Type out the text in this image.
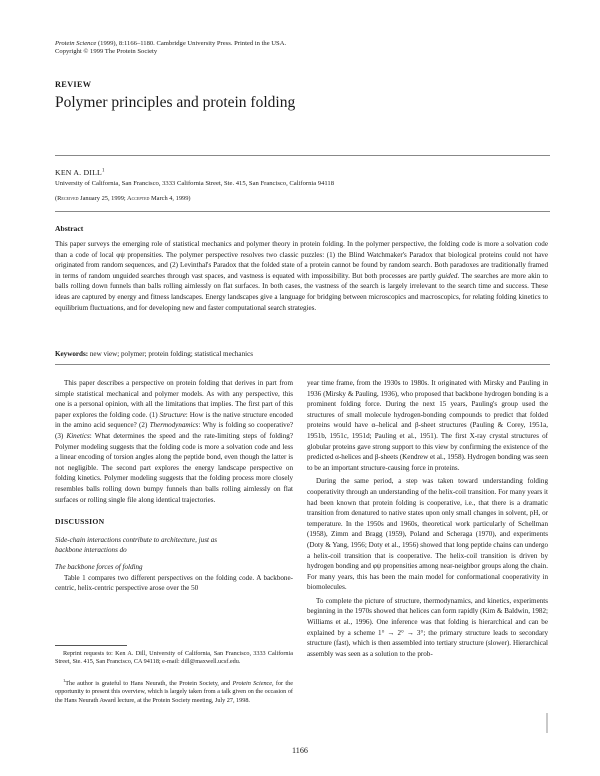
Protein Science (1999), 8:1166–1180. Cambridge University Press. Printed in the USA.
Copyright © 1999 The Protein Society
REVIEW
Polymer principles and protein folding
KEN A. DILL$^1$
University of California, San Francisco, 3333 California Street, Ste. 415, San Francisco, California 94118
(Received January 25, 1999; Accepted March 4, 1999)
Abstract

This paper surveys the emerging role of statistical mechanics and polymer theory in protein folding. In the polymer perspective, the folding code is more a solvation code than a code of local φψ propensities. The polymer perspective resolves two classic puzzles: (1) the Blind Watchmaker's Paradox that biological proteins could not have originated from random sequences, and (2) Levinthal's Paradox that the folded state of a protein cannot be found by random search. Both paradoxes are traditionally framed in terms of random unguided searches through vast spaces, and vastness is equated with impossibility. But both processes are partly guided. The searches are more akin to balls rolling down funnels than balls rolling aimlessly on flat surfaces. In both cases, the vastness of the search is largely irrelevant to the search time and success. These ideas are captured by energy and fitness landscapes. Energy landscapes give a language for bridging between microscopics and macroscopics, for relating folding kinetics to equilibrium fluctuations, and for developing new and faster computational search strategies.

Keywords: new view; polymer; protein folding; statistical mechanics

This paper describes a perspective on protein folding that derives in part from simple statistical mechanical and polymer models. As with any perspective, this one is a personal opinion, with all the limitations that implies. The first part of this paper explores the folding code. (1) Structure: How is the native structure encoded in the amino acid sequence? (2) Thermodynamics: Why is folding so cooperative? (3) Kinetics: What determines the speed and the rate-limiting steps of folding? Polymer modeling suggests that the folding code is more a solvation code and less a linear encoding of torsion angles along the peptide bond, even though the latter is not negligible. The second part explores the energy landscape perspective on folding kinetics. Polymer modeling suggests that the folding process more closely resembles balls rolling down bumpy funnels than balls rolling aimlessly on flat surfaces or rolling single file along identical trajectories.

DISCUSSION

Side-chain interactions contribute to architecture, just as backbone interactions do

The backbone forces of folding

Table 1 compares two different perspectives on the folding code. A backbone-centric, helix-centric perspective arose over the 50

Reprint requests to: Ken A. Dill, University of California, San Francisco, 3333 California Street, Ste. 415, San Francisco, CA 94118; e-mail: dill@maxwell.ucsf.edu.

$^1$The author is grateful to Hans Neurath, the Protein Society, and Protein Science, for the opportunity to present this overview, which is largely taken from a talk given on the occasion of the Hans Neurath Award lecture, at the Protein Society meeting, July 27, 1998.

year time frame, from the 1930s to 1980s. It originated with Mirsky and Pauling in 1936 (Mirsky & Pauling, 1936), who proposed that backbone hydrogen bonding is a prominent folding force. During the next 15 years, Pauling's group used the structures of small molecule hydrogen-bonding compounds to predict that folded proteins would have α–helical and β-sheet structures (Pauling & Corey, 1951a, 1951b, 1951c, 1951d; Pauling et al., 1951). The first X-ray crystal structures of globular proteins gave strong support to this view by confirming the existence of the predicted α-helices and β-sheets (Kendrew et al., 1958). Hydrogen bonding was seen to be an important structure-causing force in proteins.

During the same period, a step was taken toward understanding folding cooperativity through an understanding of the helix-coil transition. For many years it had been known that protein folding is cooperative, i.e., that there is a dramatic transition from denatured to native states upon only small changes in solvent, pH, or temperature. In the 1950s and 1960s, theoretical work particularly of Schellman (1958), Zimm and Bragg (1959), Poland and Scheraga (1970), and experiments (Doty & Yang, 1956; Doty et al., 1956) showed that long peptide chains can undergo a helix-coil transition that is cooperative. The helix-coil transition is driven by hydrogen bonding and φψ propensities among near-neighbor groups along the chain. For many years, this has been the main model for conformational cooperativity in biomolecules.

To complete the picture of structure, thermodynamics, and kinetics, experiments beginning in the 1970s showed that helices can form rapidly (Kim & Baldwin, 1982; Williams et al., 1996). One inference was that folding is hierarchical and can be explained by a scheme 1° → 2° → 3°; the primary structure leads to secondary structure (fast), which is then assembled into tertiary structure (slower). Hierarchical assembly was seen as a solution to the prob-

1166
